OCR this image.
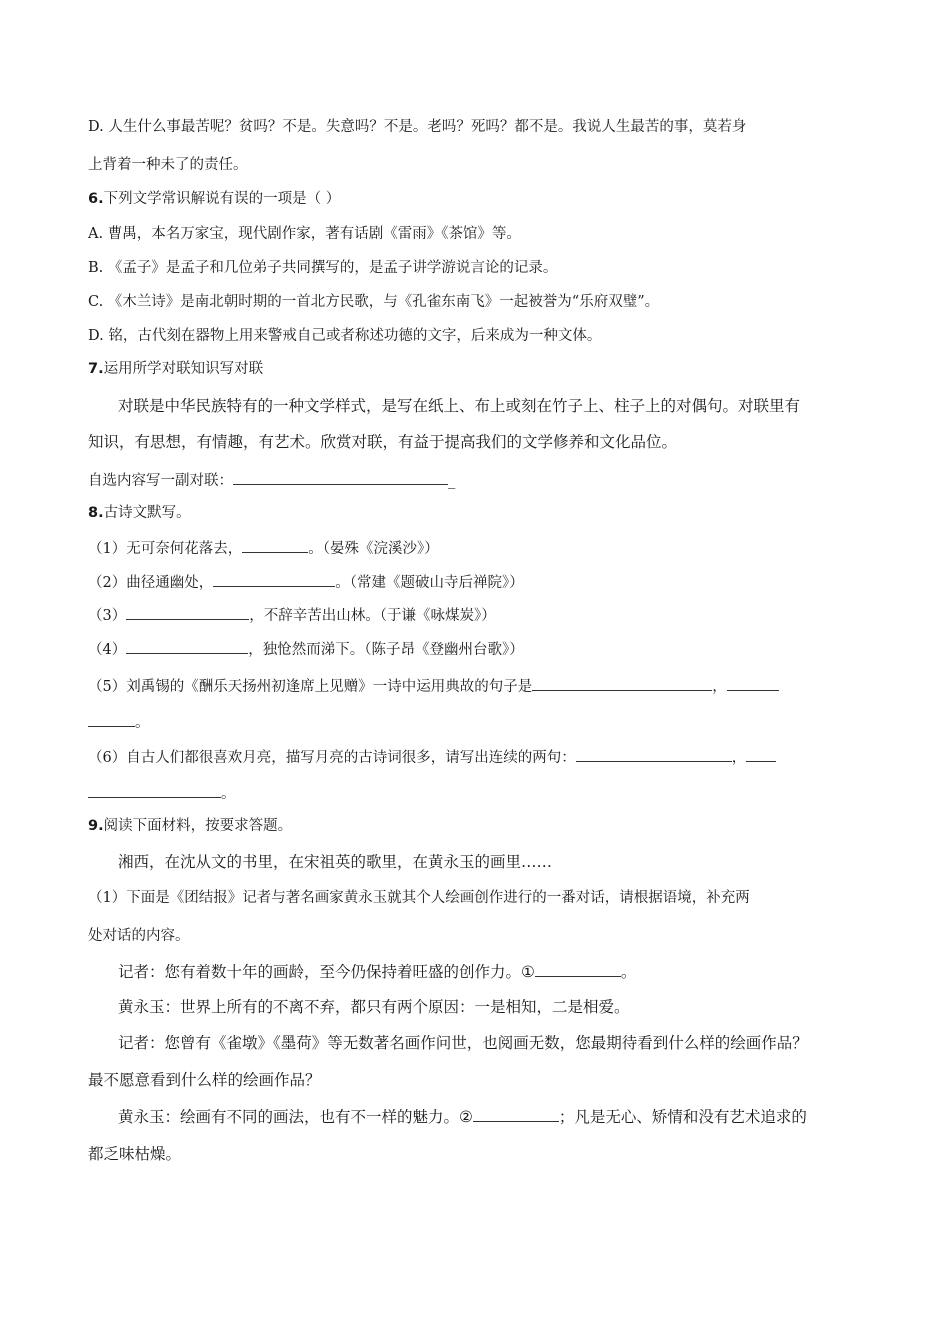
D. 人生什么事最苦呢？贫吗？不是。失意吗？不是。老吗？死吗？都不是。我说人生最苦的事，莫若身
上背着一种未了的责任。
6.下列文学常识解说有误的一项是（ ）
A. 曹禺，本名万家宝，现代剧作家，著有话剧《雷雨》《茶馆》等。
B. 《孟子》是孟子和几位弟子共同撰写的，是孟子讲学游说言论的记录。
C. 《木兰诗》是南北朝时期的一首北方民歌，与《孔雀东南飞》一起被誉为“乐府双璧”。
D. 铭，古代刻在器物上用来警戒自己或者称述功德的文字，后来成为一种文体。
7.运用所学对联知识写对联
对联是中华民族特有的一种文学样式，是写在纸上、布上或刻在竹子上、柱子上的对偶句。对联里有
知识，有思想，有情趣，有艺术。欣赏对联，有益于提高我们的文学修养和文化品位。
自选内容写一副对联：	_
8.古诗文默写。
（1）无可奈何花落去，	。（晏殊《浣溪沙》）
（2）曲径通幽处，	。（常建《题破山寺后禅院》）
（3）	，不辞辛苦出山林。（于谦《咏煤炭》）
（4）	，独怆然而涕下。（陈子昂《登幽州台歌》）
（5）刘禹锡的《酬乐天扬州初逢席上见赠》一诗中运用典故的句子是	，
。
（6）自古人们都很喜欢月亮，描写月亮的古诗词很多，请写出连续的两句：	，
。
9.阅读下面材料，按要求答题。
湘西，在沈从文的书里，在宋祖英的歌里，在黄永玉的画里……
（1）下面是《团结报》记者与著名画家黄永玉就其个人绘画创作进行的一番对话，请根据语境，补充两
处对话的内容。
记者：您有着数十年的画龄，至今仍保持着旺盛的创作力。①	。
黄永玉：世界上所有的不离不弃，都只有两个原因：一是相知，二是相爱。
记者：您曾有《雀墩》《墨荷》等无数著名画作问世，也阅画无数，您最期待看到什么样的绘画作品？
最不愿意看到什么样的绘画作品？
黄永玉：绘画有不同的画法，也有不一样的魅力。②	；凡是无心、矫情和没有艺术追求的
都乏味枯燥。
